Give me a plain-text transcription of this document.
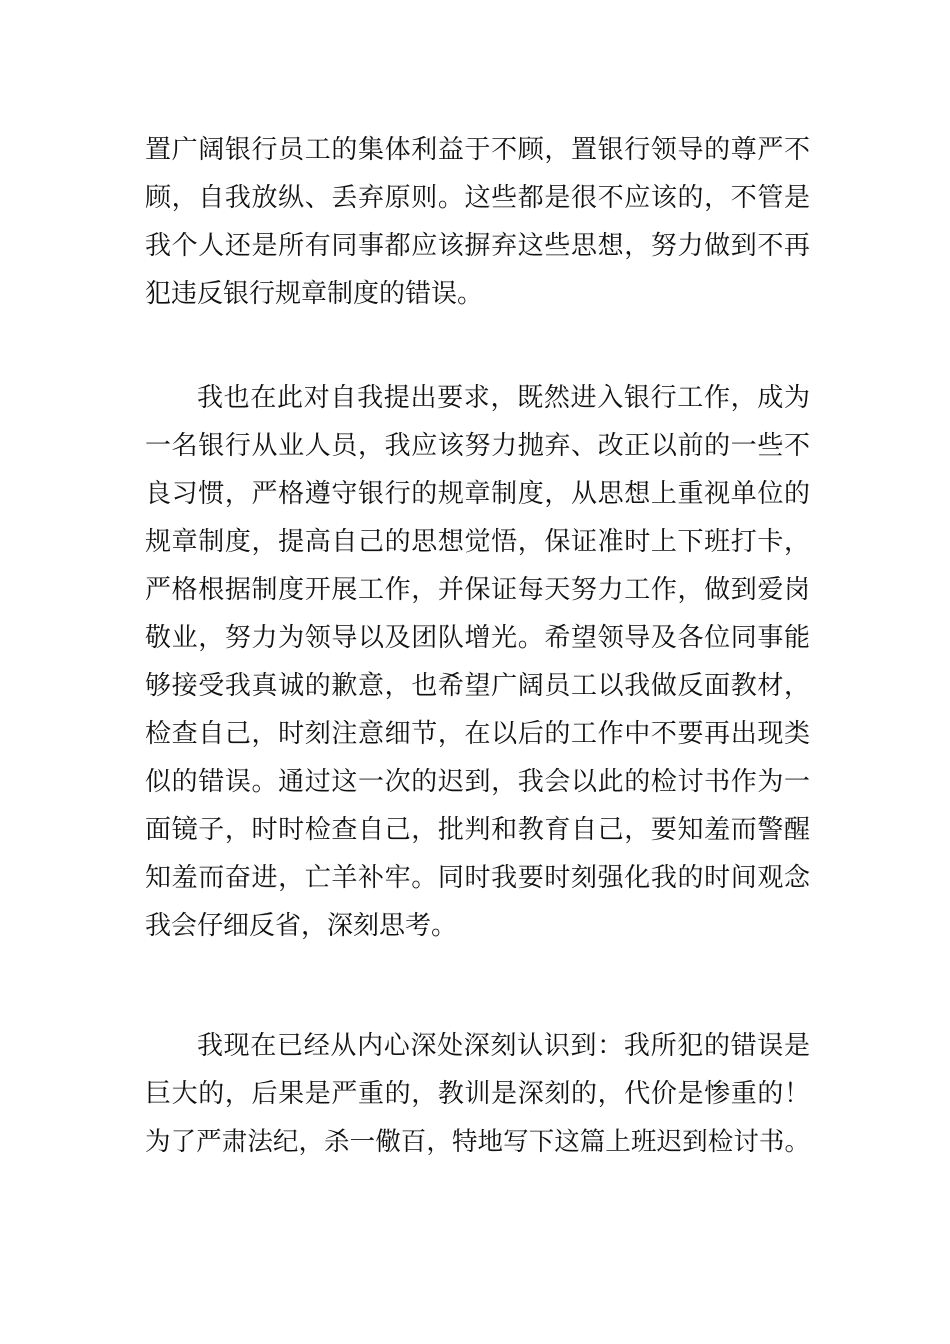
置广阔银行员工的集体利益于不顾，置银行领导的尊严不
顾，自我放纵、丢弃原则。这些都是很不应该的，不管是
我个人还是所有同事都应该摒弃这些思想，努力做到不再
犯违反银行规章制度的错误。
我也在此对自我提出要求，既然进入银行工作，成为
一名银行从业人员，我应该努力抛弃、改正以前的一些不
良习惯，严格遵守银行的规章制度，从思想上重视单位的
规章制度，提高自己的思想觉悟，保证准时上下班打卡，
严格根据制度开展工作，并保证每天努力工作，做到爱岗
敬业，努力为领导以及团队增光。希望领导及各位同事能
够接受我真诚的歉意，也希望广阔员工以我做反面教材，
检查自己，时刻注意细节，在以后的工作中不要再出现类
似的错误。通过这一次的迟到，我会以此的检讨书作为一
面镜子，时时检查自己，批判和教育自己，要知羞而警醒
知羞而奋进，亡羊补牢。同时我要时刻强化我的时间观念
我会仔细反省，深刻思考。
我现在已经从内心深处深刻认识到：我所犯的错误是
巨大的，后果是严重的，教训是深刻的，代价是惨重的！
为了严肃法纪，杀一儆百，特地写下这篇上班迟到检讨书。
